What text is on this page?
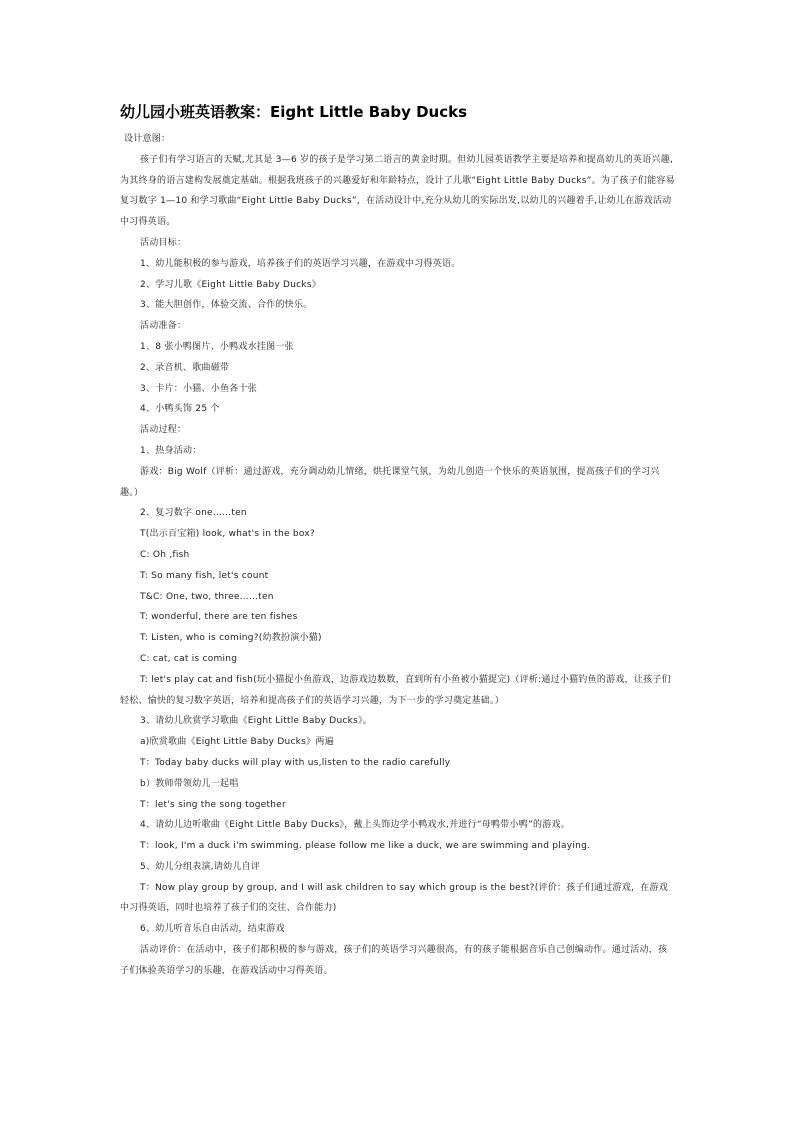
幼儿园小班英语教案：Eight Little Baby Ducks

设计意图：

孩子们有学习语言的天赋,尤其是 3—6 岁的孩子是学习第二语言的黄金时期。但幼儿园英语教学主要是培养和提高幼儿的英语兴趣,为其终身的语言建构发展奠定基础。根据我班孩子的兴趣爱好和年龄特点，设计了儿歌“Eight Little Baby Ducks”。为了孩子们能容易复习数字 1—10 和学习歌曲“Eight Little Baby Ducks”，在活动设计中,充分从幼儿的实际出发,以幼儿的兴趣着手,让幼儿在游戏活动中习得英语。

活动目标：

1、幼儿能积极的参与游戏，培养孩子们的英语学习兴趣，在游戏中习得英语。

2、学习儿歌《Eight Little Baby Ducks》

3、能大胆创作，体验交流、合作的快乐。

活动准备：

1、8 张小鸭图片、小鸭戏水挂图一张

2、录音机、歌曲磁带

3、卡片：小猫、小鱼各十张

4、小鸭头饰 25 个

活动过程：

1、热身活动：

游戏：Big Wolf（评析：通过游戏，充分调动幼儿情绪，烘托课堂气氛，为幼儿创造一个快乐的英语氛围，提高孩子们的学习兴趣。）

2、复习数字 one……ten

T(出示百宝箱) look, what's in the box?

C: Oh ,fish

T: So many fish, let's count

T&C: One, two, three……ten

T: wonderful, there are ten fishes

T: Listen, who is coming?(幼教扮演小猫)

C: cat, cat is coming

T: let's play cat and fish(玩小猫捉小鱼游戏，边游戏边数数，直到所有小鱼被小猫捉完)（评析:通过小猫钓鱼的游戏，让孩子们轻松、愉快的复习数字英语，培养和提高孩子们的英语学习兴趣，为下一步的学习奠定基础。）

3、请幼儿欣赏学习歌曲《Eight Little Baby Ducks》。

a)欣赏歌曲《Eight Little Baby Ducks》两遍

T：Today baby ducks will play with us,listen to the radio carefully

b）教师带领幼儿一起唱

T：let's sing the song together

4、请幼儿边听歌曲《Eight Little Baby Ducks》，戴上头饰边学小鸭戏水,并进行“母鸭带小鸭”的游戏。

T：look, I'm a duck i'm swimming. please follow me like a duck, we are swimming and playing.

5、幼儿分组表演,请幼儿自评

T：Now play group by group, and I will ask children to say which group is the best?(评价：孩子们通过游戏，在游戏中习得英语，同时也培养了孩子们的交往、合作能力)

6、幼儿听音乐自由活动，结束游戏

活动评价：在活动中，孩子们都积极的参与游戏，孩子们的英语学习兴趣很高，有的孩子能根据音乐自己创编动作。通过活动，孩子们体验英语学习的乐趣，在游戏活动中习得英语。
